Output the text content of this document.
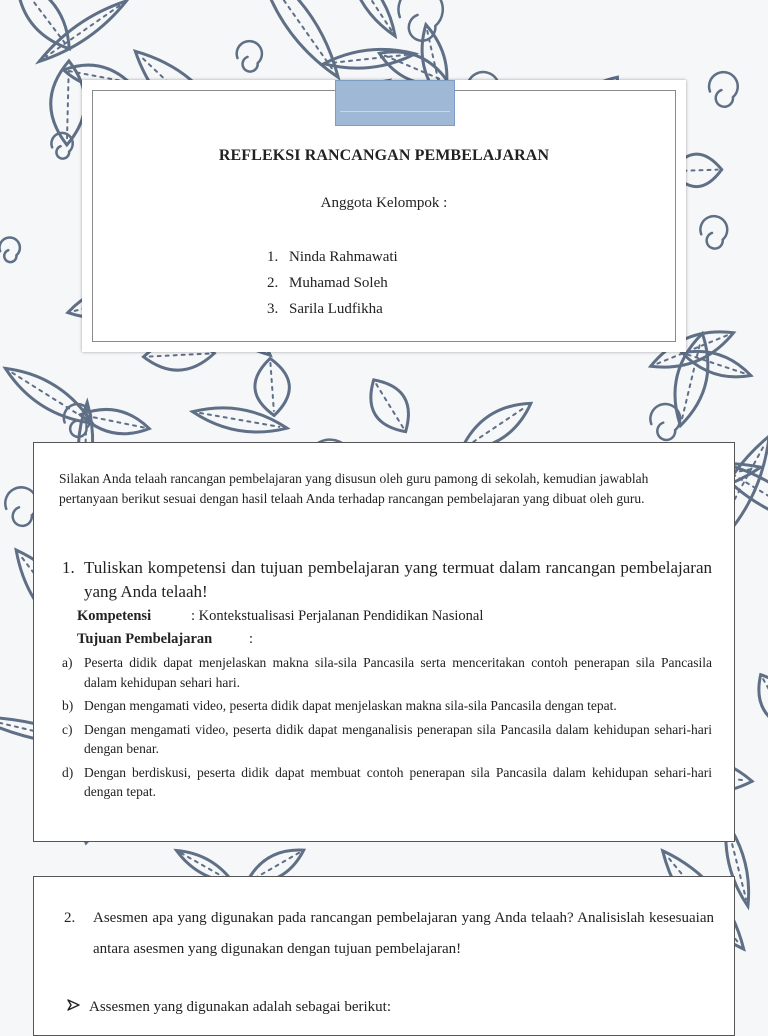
REFLEKSI RANCANGAN PEMBELAJARAN
Anggota Kelompok :
1. Ninda Rahmawati
2. Muhamad Soleh
3. Sarila Ludfikha
Silakan Anda telaah rancangan pembelajaran yang disusun oleh guru pamong di sekolah, kemudian jawablah pertanyaan berikut sesuai dengan hasil telaah Anda terhadap rancangan pembelajaran yang dibuat oleh guru.
1. Tuliskan kompetensi dan tujuan pembelajaran yang termuat dalam rancangan pembelajaran yang Anda telaah!
Kompetensi	: Kontekstualisasi Perjalanan Pendidikan Nasional
Tujuan Pembelajaran	:
a) Peserta didik dapat menjelaskan makna sila-sila Pancasila serta menceritakan contoh penerapan sila Pancasila dalam kehidupan sehari hari.
b) Dengan mengamati video, peserta didik dapat menjelaskan makna sila-sila Pancasila dengan tepat.
c) Dengan mengamati video, peserta didik dapat menganalisis penerapan sila Pancasila dalam kehidupan sehari-hari dengan benar.
d) Dengan berdiskusi, peserta didik dapat membuat contoh penerapan sila Pancasila dalam kehidupan sehari-hari dengan tepat.
2. Asesmen apa yang digunakan pada rancangan pembelajaran yang Anda telaah? Analisislah kesesuaian antara asesmen yang digunakan dengan tujuan pembelajaran!
Assesmen yang digunakan adalah sebagai berikut:
